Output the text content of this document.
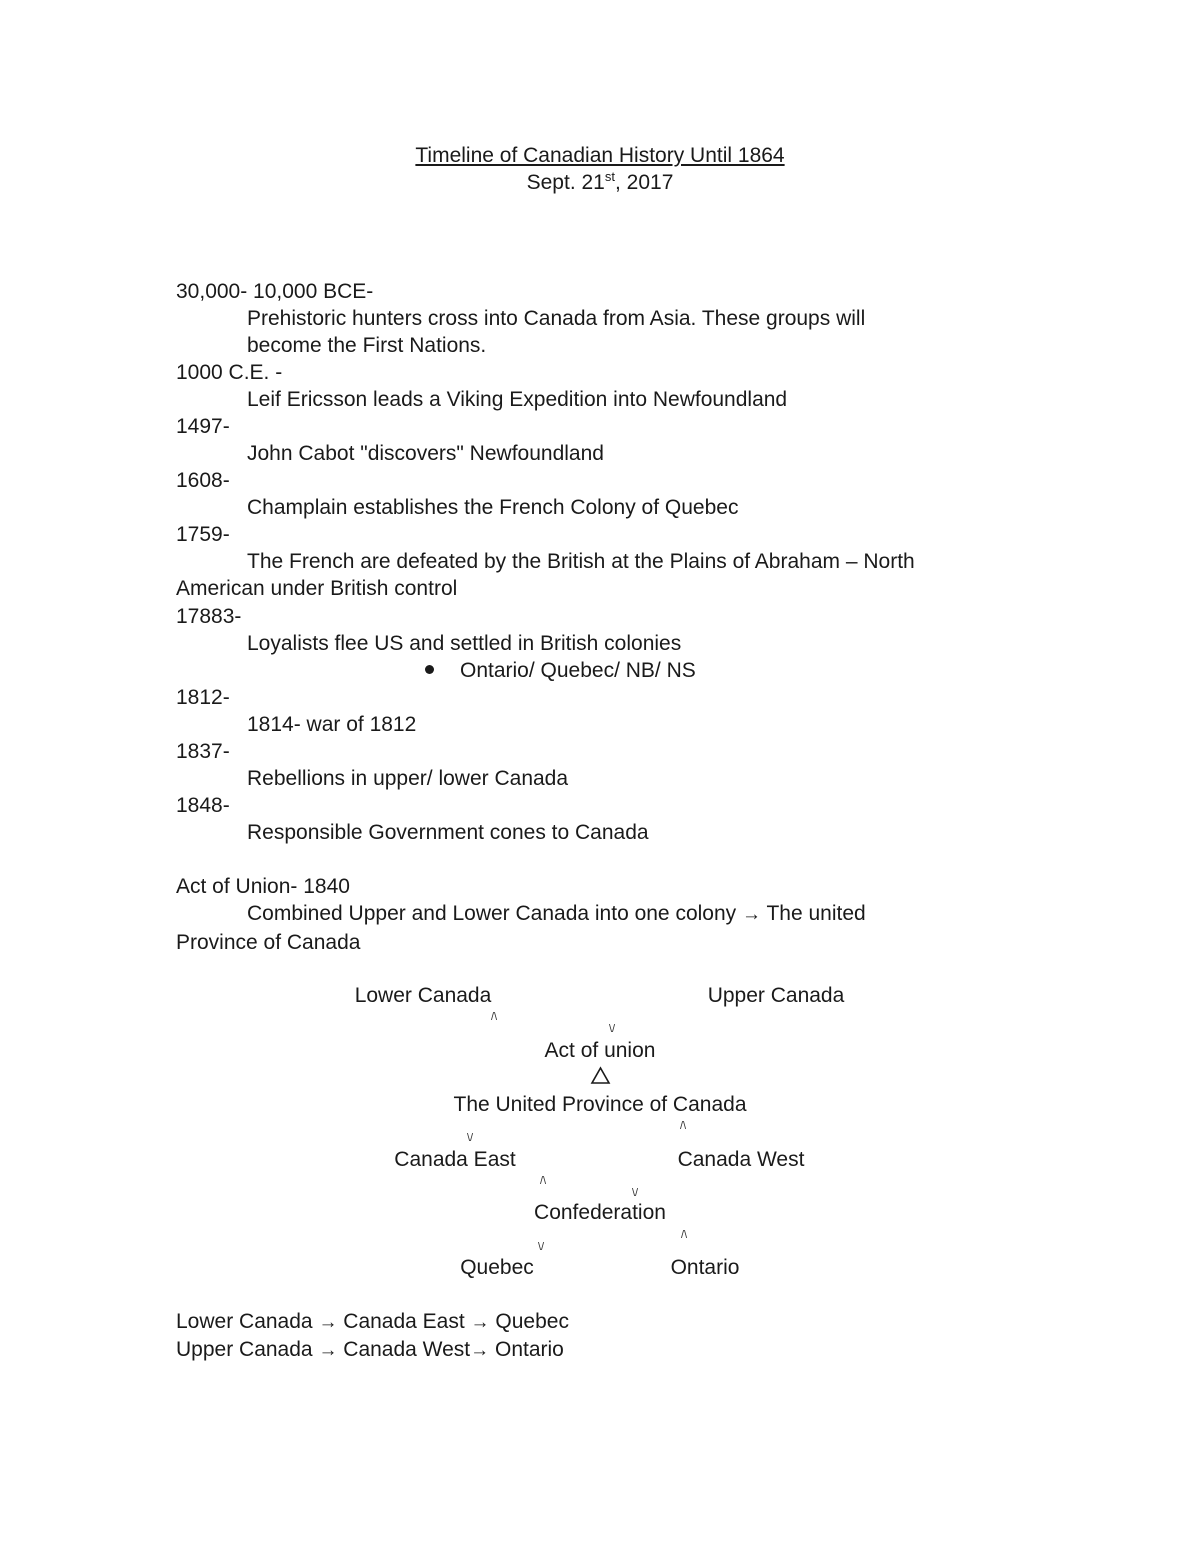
Timeline of Canadian History Until 1864
Sept. 21st, 2017
30,000- 10,000 BCE-
Prehistoric hunters cross into Canada from Asia. These groups will
become the First Nations.
1000 C.E. -
Leif Ericsson leads a Viking Expedition into Newfoundland
1497-
John Cabot "discovers" Newfoundland
1608-
Champlain establishes the French Colony of Quebec
1759-
The French are defeated by the British at the Plains of Abraham – North
American under British control
17883-
Loyalists flee US and settled in British colonies
Ontario/ Quebec/ NB/ NS
1812-
1814- war of 1812
1837-
Rebellions in upper/ lower Canada
1848-
Responsible Government cones to Canada
Act of Union- 1840
Combined Upper and Lower Canada into one colony → The united
Province of Canada
Lower Canada	Upper Canada
/\
\/
Act of union
The United Province of Canada
\/
/\
Canada East	Canada West
/\
\/
Confederation
\/
/\
Quebec	Ontario
Lower Canada → Canada East → Quebec
Upper Canada → Canada West→ Ontario
